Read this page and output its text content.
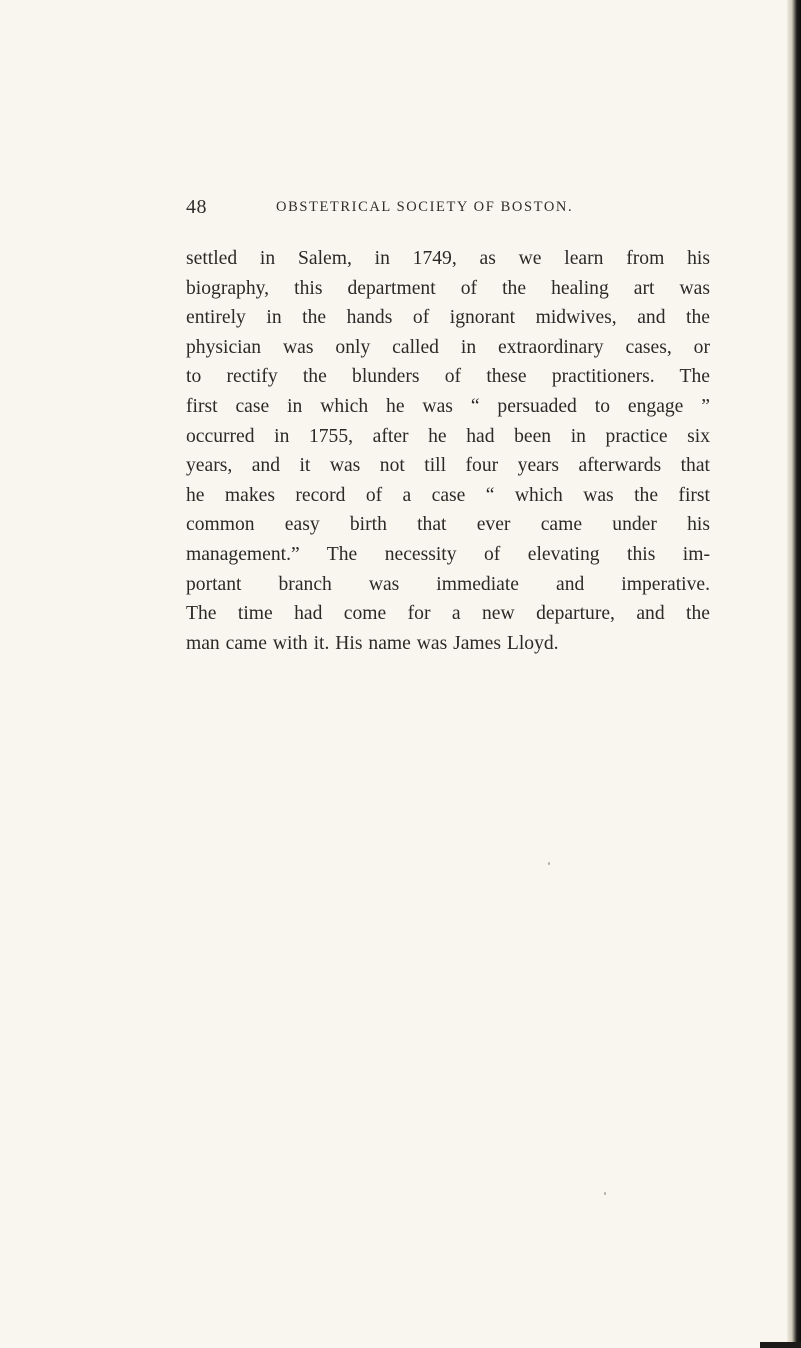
48	OBSTETRICAL SOCIETY OF BOSTON.
settled in Salem, in 1749, as we learn from his
biography, this department of the healing art was
entirely in the hands of ignorant midwives, and the
physician was only called in extraordinary cases, or
to rectify the blunders of these practitioners. The
first case in which he was “ persuaded to engage ”
occurred in 1755, after he had been in practice six
years, and it was not till four years afterwards that
he makes record of a case “ which was the first
common easy birth that ever came under his
management.” The necessity of elevating this im-
portant branch was immediate and imperative.
The time had come for a new departure, and the
man came with it. His name was James Lloyd.
